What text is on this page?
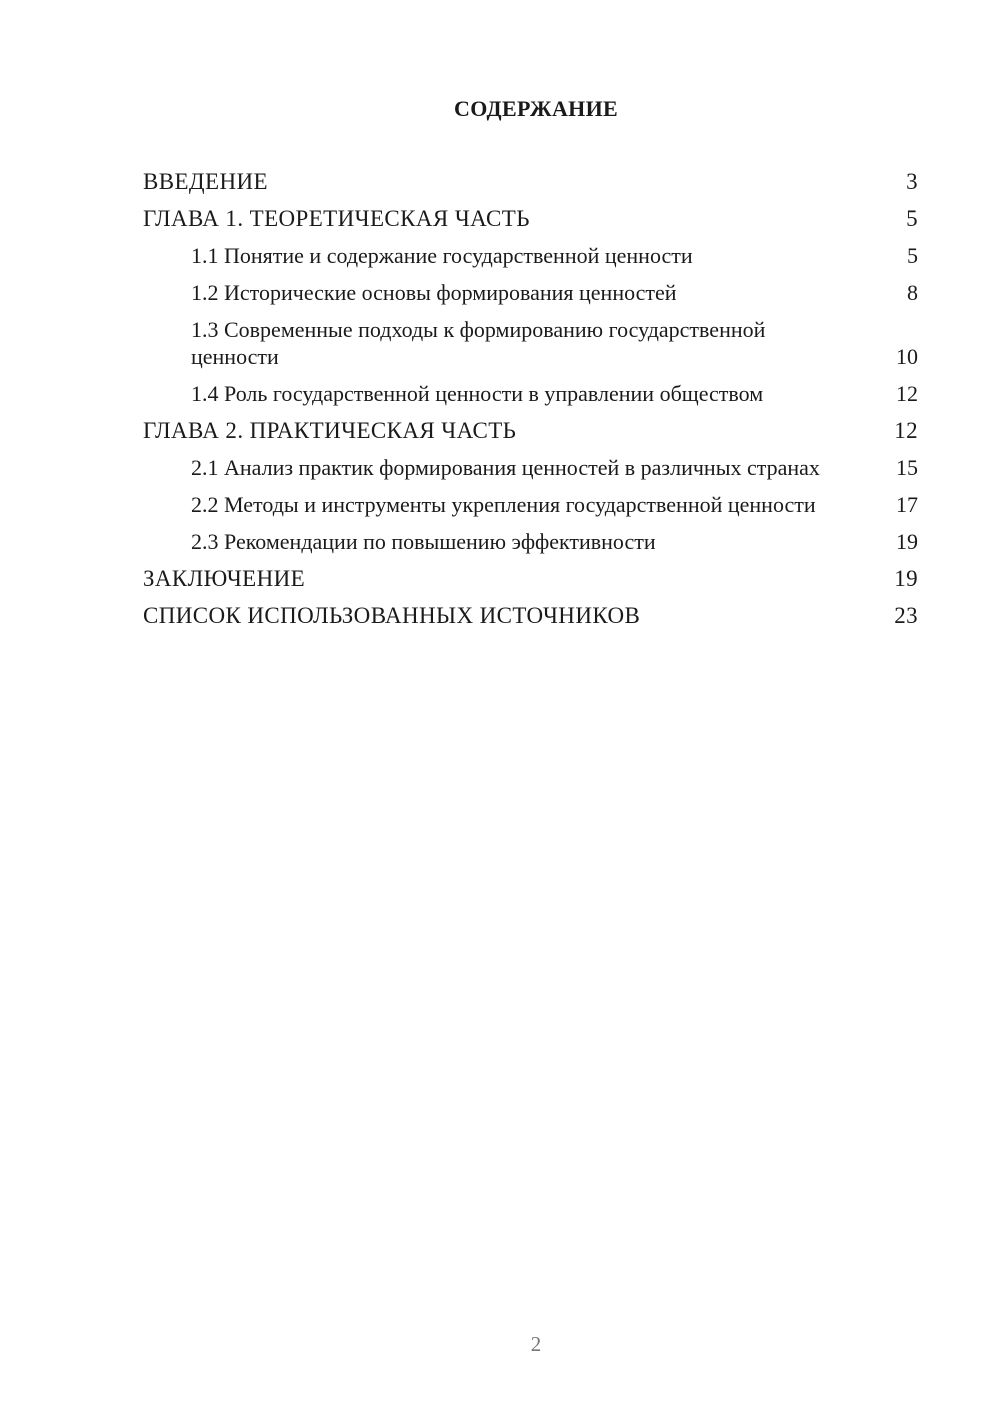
СОДЕРЖАНИЕ
ВВЕДЕНИЕ	3
ГЛАВА 1. ТЕОРЕТИЧЕСКАЯ ЧАСТЬ	5
1.1 Понятие и содержание государственной ценности	5
1.2 Исторические основы формирования ценностей	8
1.3 Современные подходы к формированию государственной ценности	10
1.4 Роль государственной ценности в управлении обществом	12
ГЛАВА 2. ПРАКТИЧЕСКАЯ ЧАСТЬ	12
2.1 Анализ практик формирования ценностей в различных странах	15
2.2 Методы и инструменты укрепления государственной ценности	17
2.3 Рекомендации по повышению эффективности	19
ЗАКЛЮЧЕНИЕ	19
СПИСОК ИСПОЛЬЗОВАННЫХ ИСТОЧНИКОВ	23
2
